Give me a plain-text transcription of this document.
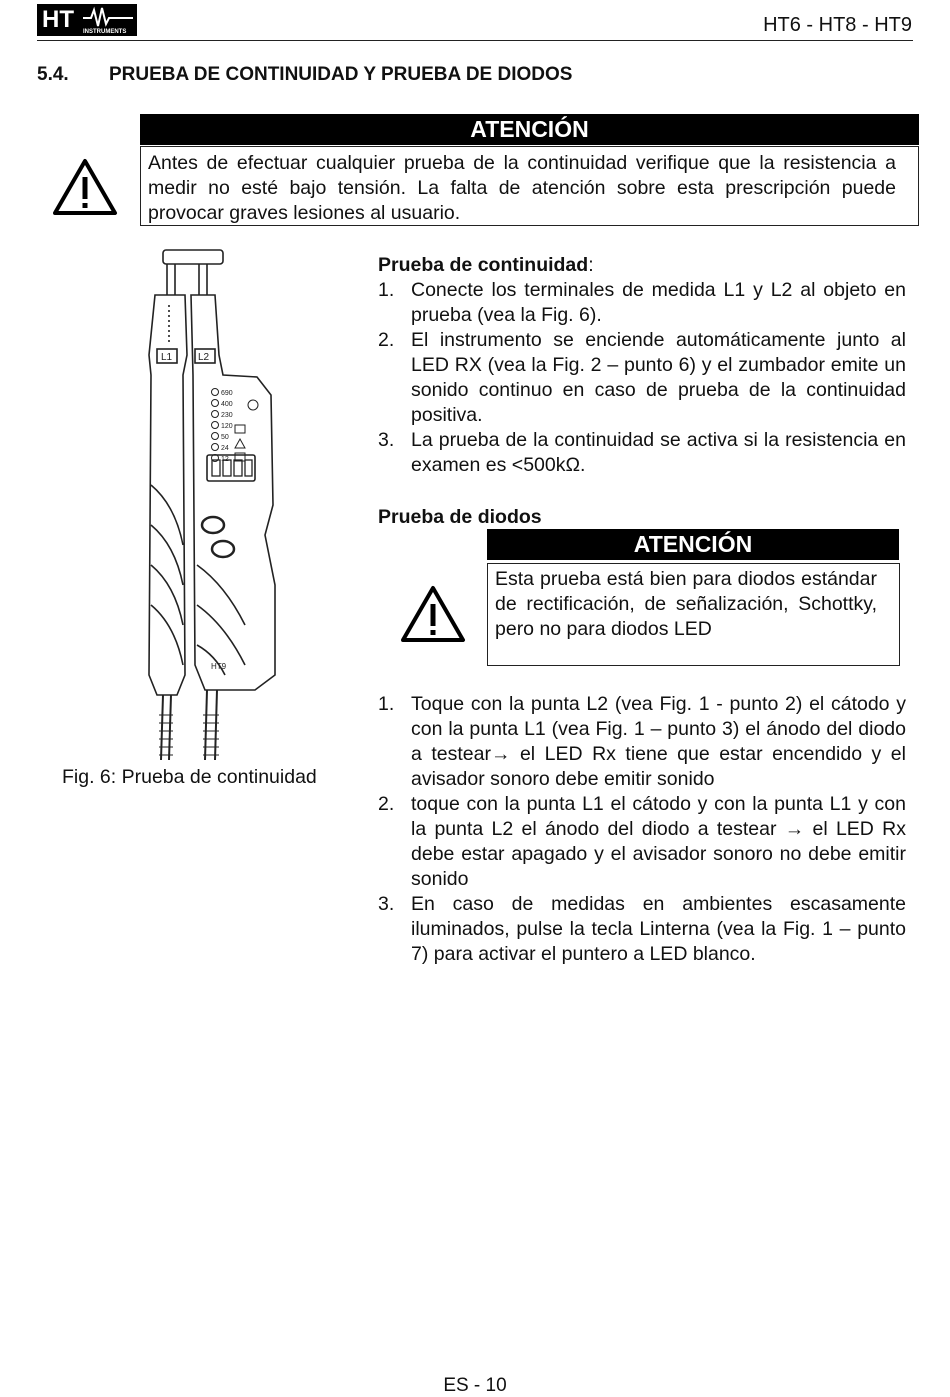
HT INSTRUMENTS	HT6 - HT8 - HT9
5.4. PRUEBA DE CONTINUIDAD Y PRUEBA DE DIODOS
ATENCIÓN
Antes de efectuar cualquier prueba de la continuidad verifique que la resistencia a medir no esté bajo tensión. La falta de atención sobre esta prescripción puede provocar graves lesiones al usuario.
L1	L2
690
400
230
120
50
24
12
HT9
Fig. 6: Prueba de continuidad
Prueba de continuidad:
1. Conecte los terminales de medida L1 y L2 al objeto en prueba (vea la Fig. 6).
2. El instrumento se enciende automáticamente junto al LED RX (vea la Fig. 2 – punto 6) y el zumbador emite un sonido continuo en caso de prueba de la continuidad positiva.
3. La prueba de la continuidad se activa si la resistencia en examen es <500kΩ.
Prueba de diodos
ATENCIÓN
Esta prueba está bien para diodos estándar de rectificación, de señalización, Schottky, pero no para diodos LED
1. Toque con la punta L2 (vea Fig. 1 - punto 2) el cátodo y con la punta L1 (vea Fig. 1 – punto 3) el ánodo del diodo a testear→ el LED Rx tiene que estar encendido y el avisador sonoro debe emitir sonido
2. toque con la punta L1 el cátodo y con la punta L1 y con la punta L2 el ánodo del diodo a testear → el LED Rx debe estar apagado y el avisador sonoro no debe emitir sonido
3. En caso de medidas en ambientes escasamente iluminados, pulse la tecla Linterna (vea la Fig. 1 – punto 7) para activar el puntero a LED blanco.
ES - 10
